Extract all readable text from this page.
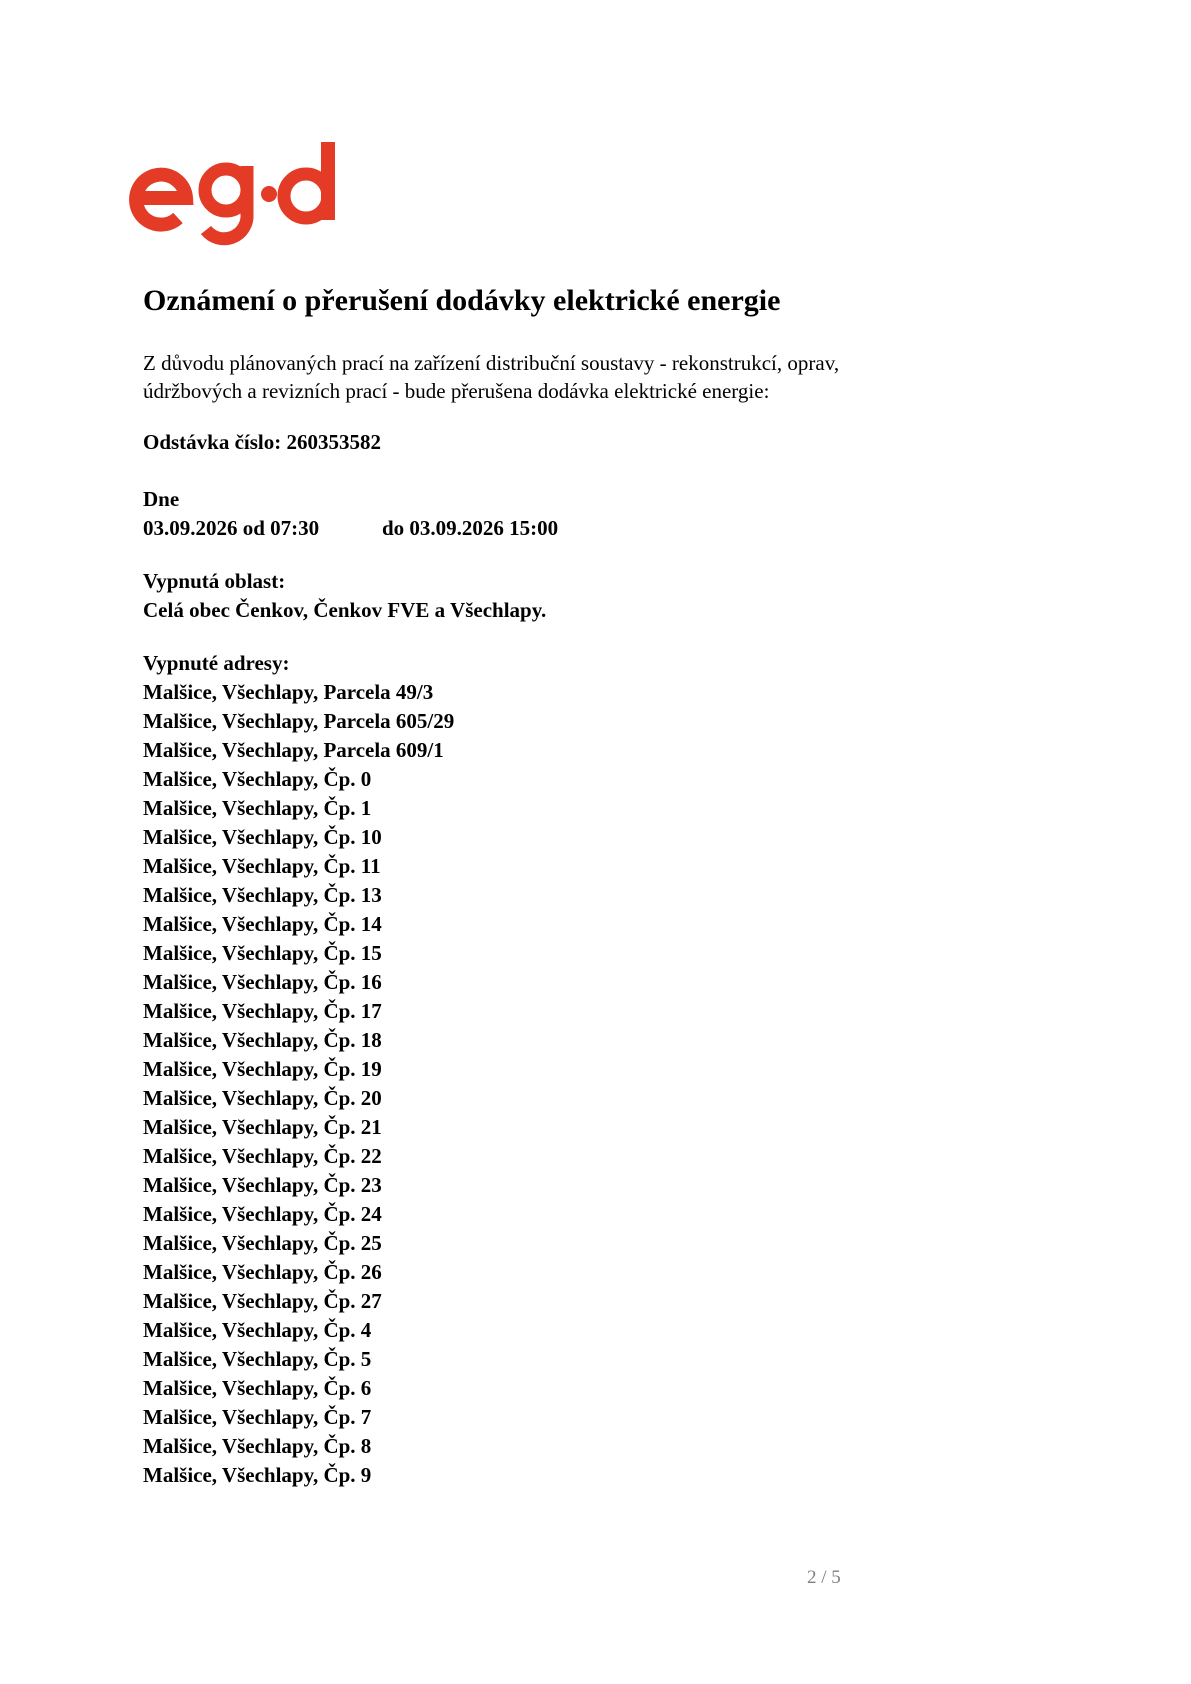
Oznámení o přerušení dodávky elektrické energie
Z důvodu plánovaných prací na zařízení distribuční soustavy - rekonstrukcí, oprav,
údržbových a revizních prací - bude přerušena dodávka elektrické energie:
Odstávka číslo: 260353582
Dne
03.09.2026 od 07:30	do 03.09.2026 15:00
Vypnutá oblast:
Celá obec Čenkov, Čenkov FVE a Všechlapy.
Vypnuté adresy:
Malšice, Všechlapy, Parcela 49/3
Malšice, Všechlapy, Parcela 605/29
Malšice, Všechlapy, Parcela 609/1
Malšice, Všechlapy, Čp. 0
Malšice, Všechlapy, Čp. 1
Malšice, Všechlapy, Čp. 10
Malšice, Všechlapy, Čp. 11
Malšice, Všechlapy, Čp. 13
Malšice, Všechlapy, Čp. 14
Malšice, Všechlapy, Čp. 15
Malšice, Všechlapy, Čp. 16
Malšice, Všechlapy, Čp. 17
Malšice, Všechlapy, Čp. 18
Malšice, Všechlapy, Čp. 19
Malšice, Všechlapy, Čp. 20
Malšice, Všechlapy, Čp. 21
Malšice, Všechlapy, Čp. 22
Malšice, Všechlapy, Čp. 23
Malšice, Všechlapy, Čp. 24
Malšice, Všechlapy, Čp. 25
Malšice, Všechlapy, Čp. 26
Malšice, Všechlapy, Čp. 27
Malšice, Všechlapy, Čp. 4
Malšice, Všechlapy, Čp. 5
Malšice, Všechlapy, Čp. 6
Malšice, Všechlapy, Čp. 7
Malšice, Všechlapy, Čp. 8
Malšice, Všechlapy, Čp. 9
2 / 5
